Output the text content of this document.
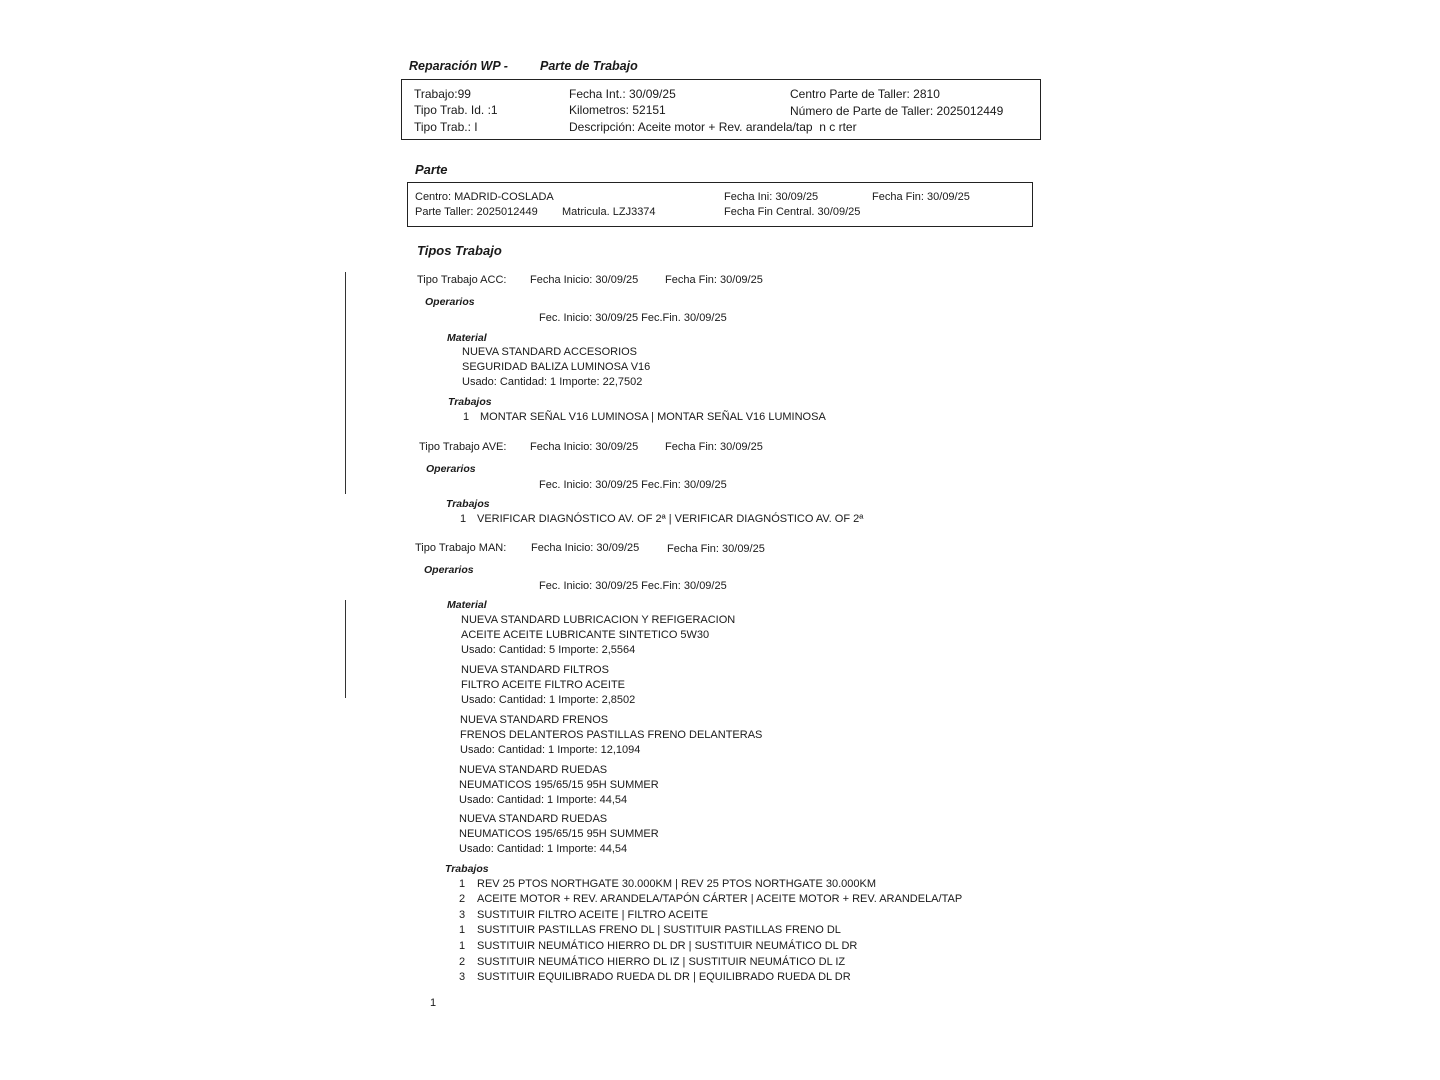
Reparación WP -	Parte de Trabajo
Trabajo:99
Tipo Trab. Id. :1
Tipo Trab.: I
Fecha Int.: 30/09/25
Kilometros: 52151
Descripción: Aceite motor + Rev. arandela/tap  n c rter
Centro Parte de Taller: 2810
Número de Parte de Taller: 2025012449
Parte
Centro: MADRID-COSLADA
Parte Taller: 2025012449 Matricula. LZJ3374
Fecha Ini: 30/09/25
Fecha Fin Central. 30/09/25
Fecha Fin: 30/09/25
Tipos Trabajo
Tipo Trabajo ACC: Fecha Inicio: 30/09/25 Fecha Fin: 30/09/25
Operarios
Fec. Inicio: 30/09/25 Fec.Fin. 30/09/25
Material
NUEVA STANDARD ACCESORIOS
SEGURIDAD BALIZA LUMINOSA V16
Usado: Cantidad: 1 Importe: 22,7502
Trabajos
1 MONTAR SEÑAL V16 LUMINOSA | MONTAR SEÑAL V16 LUMINOSA
Tipo Trabajo AVE: Fecha Inicio: 30/09/25 Fecha Fin: 30/09/25
Operarios
Fec. Inicio: 30/09/25 Fec.Fin: 30/09/25
Trabajos
1 VERIFICAR DIAGNÓSTICO AV. OF 2ª | VERIFICAR DIAGNÓSTICO AV. OF 2ª
Tipo Trabajo MAN: Fecha Inicio: 30/09/25	Fecha Fin: 30/09/25
Operarios
Fec. Inicio: 30/09/25 Fec.Fin: 30/09/25
Material
NUEVA STANDARD LUBRICACION Y REFIGERACION
ACEITE ACEITE LUBRICANTE SINTETICO 5W30
Usado: Cantidad: 5 Importe: 2,5564
NUEVA STANDARD FILTROS
FILTRO ACEITE FILTRO ACEITE
Usado: Cantidad: 1 Importe: 2,8502
NUEVA STANDARD FRENOS
FRENOS DELANTEROS PASTILLAS FRENO DELANTERAS
Usado: Cantidad: 1 Importe: 12,1094
NUEVA STANDARD RUEDAS
NEUMATICOS 195/65/15 95H SUMMER
Usado: Cantidad: 1 Importe: 44,54
NUEVA STANDARD RUEDAS
NEUMATICOS 195/65/15 95H SUMMER
Usado: Cantidad: 1 Importe: 44,54
Trabajos
1 REV 25 PTOS NORTHGATE 30.000KM | REV 25 PTOS NORTHGATE 30.000KM
2 ACEITE MOTOR + REV. ARANDELA/TAPÓN CÁRTER | ACEITE MOTOR + REV. ARANDELA/TAP
3 SUSTITUIR FILTRO ACEITE | FILTRO ACEITE
1 SUSTITUIR PASTILLAS FRENO DL | SUSTITUIR PASTILLAS FRENO DL
1 SUSTITUIR NEUMÁTICO HIERRO DL DR | SUSTITUIR NEUMÁTICO DL DR
2 SUSTITUIR NEUMÁTICO HIERRO DL IZ | SUSTITUIR NEUMÁTICO DL IZ
3 SUSTITUIR EQUILIBRADO RUEDA DL DR | EQUILIBRADO RUEDA DL DR
1
